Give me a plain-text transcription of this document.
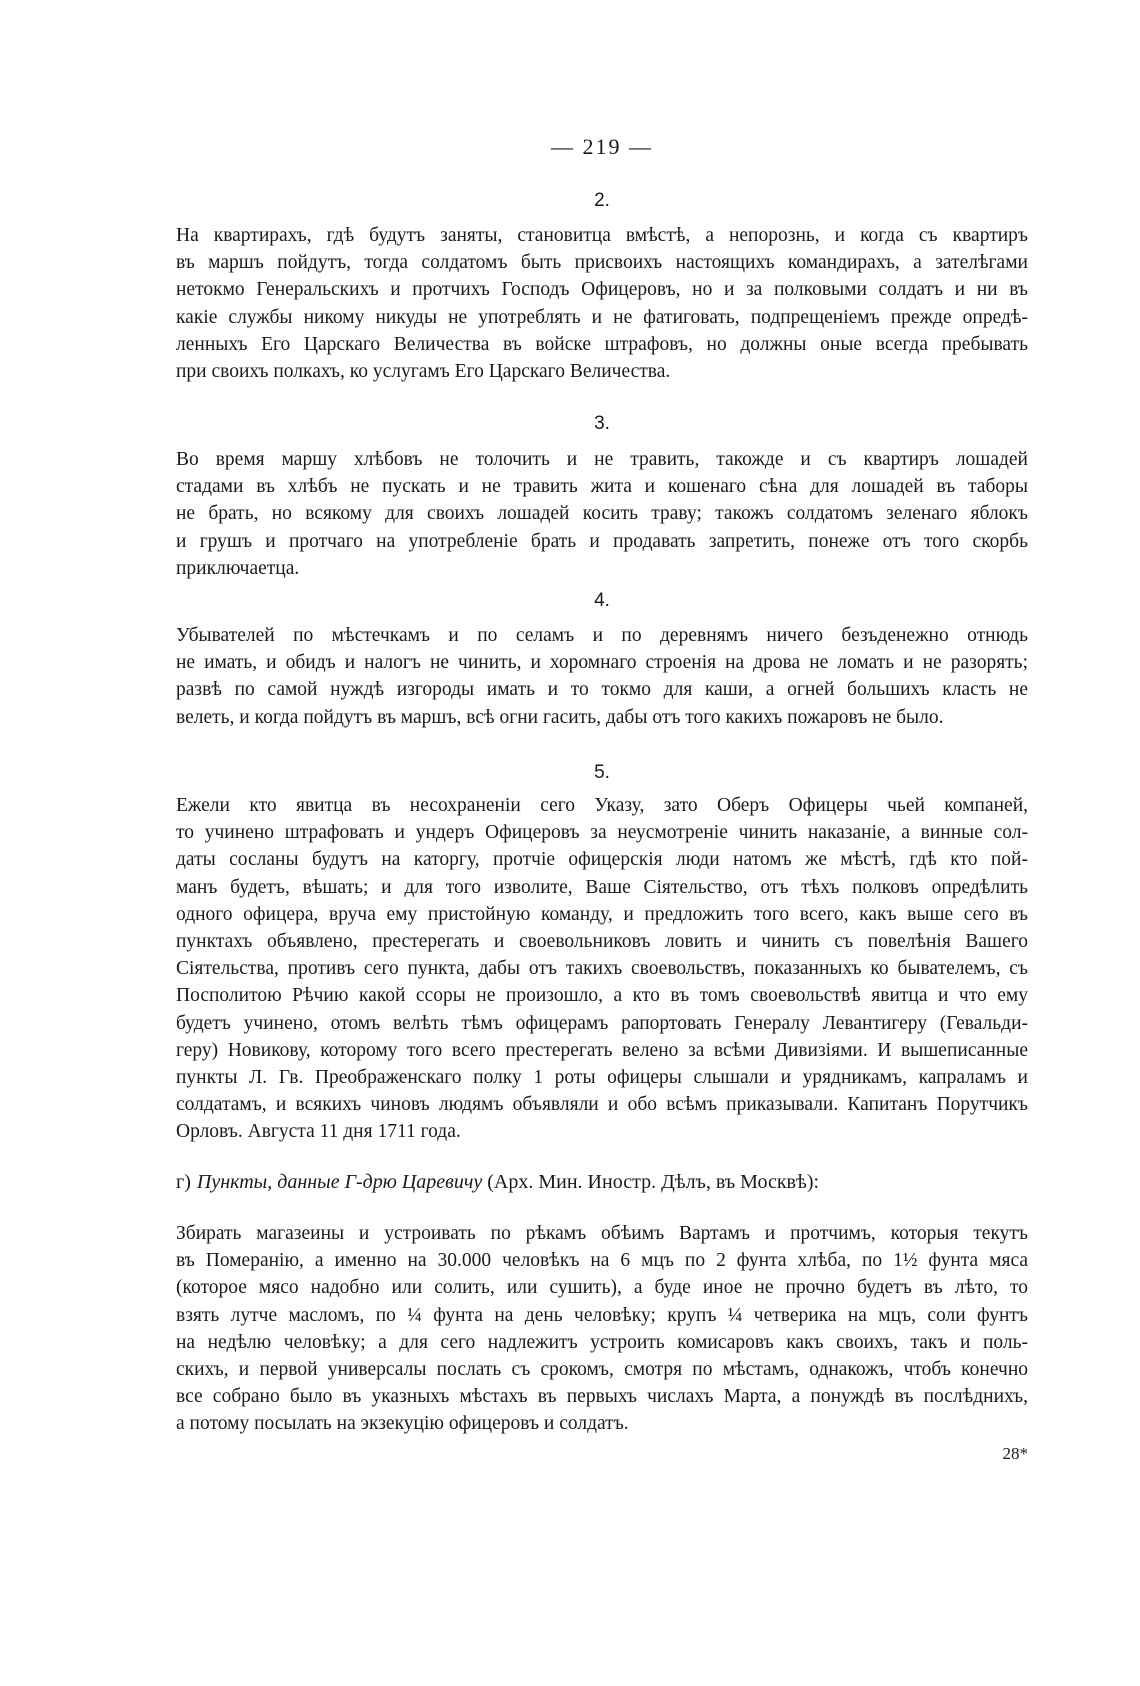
— 219 —

2.

На квартирахъ, гдѣ будутъ заняты, становитца вмѣстѣ, а непорознь, и когда съ квартиръ
въ маршъ пойдутъ, тогда солдатомъ быть присвоихъ настоящихъ командирахъ, а зателѣгами
нетокмо Генеральскихъ и протчихъ Господъ Офицеровъ, но и за полковыми солдатъ и ни въ
какіе службы никому никуды не употреблять и не фатиговать, подпрещеніемъ прежде опредѣ-
ленныхъ Его Царскаго Величества въ войске штрафовъ, но должны оные всегда пребывать
при своихъ полкахъ, ко услугамъ Его Царскаго Величества.

3.

Во время маршу хлѣбовъ не толочить и не травить, такожде и съ квартиръ лошадей
стадами въ хлѣбъ не пускать и не травить жита и кошенаго сѣна для лошадей въ таборы
не брать, но всякому для своихъ лошадей косить траву; такожъ солдатомъ зеленаго яблокъ
и грушъ и протчаго на употребленіе брать и продавать запретить, понеже отъ того скорбь
приключаетца.

4.

Убывателей по мѣстечкамъ и по селамъ и по деревнямъ ничего безъденежно отнюдь
не имать, и обидъ и налогъ не чинить, и хоромнаго строенія на дрова не ломать и не разорять;
развѣ по самой нуждѣ изгороды имать и то токмо для каши, а огней большихъ класть не
велеть, и когда пойдутъ въ маршъ, всѣ огни гасить, дабы отъ того какихъ пожаровъ не было.

5.

Ежели кто явитца въ несохраненіи сего Указу, зато Оберъ Офицеры чьей компаней,
то учинено штрафовать и ундеръ Офицеровъ за неусмотреніе чинить наказаніе, а винные сол-
даты сосланы будутъ на каторгу, протчіе офицерскія люди натомъ же мѣстѣ, гдѣ кто пой-
манъ будетъ, вѣшать; и для того изволите, Ваше Сіятельство, отъ тѣхъ полковъ опредѣлить
одного офицера, вруча ему пристойную команду, и предложить того всего, какъ выше сего въ
пунктахъ объявлено, престерегать и своевольниковъ ловить и чинить съ повелѣнія Вашего
Сіятельства, противъ сего пункта, дабы отъ такихъ своевольствъ, показанныхъ ко бывателемъ, съ
Посполитою Рѣчию какой ссоры не произошло, а кто въ томъ своевольствѣ явитца и что ему
будетъ учинено, отомъ велѣть тѣмъ офицерамъ рапортовать Генералу Левантигеру (Гевальди-
геру) Новикову, которому того всего престерегать велено за всѣми Дивизіями. И вышеписанные
пункты Л. Гв. Преображенскаго полку 1 роты офицеры слышали и урядникамъ, капраламъ и
солдатамъ, и всякихъ чиновъ людямъ объявляли и обо всѣмъ приказывали. Капитанъ Порутчикъ
Орловъ. Августа 11 дня 1711 года.

г) Пункты, данные Г-дрю Царевичу (Арх. Мин. Иностр. Дѣлъ, въ Москвѣ):

Збирать магазеины и устроивать по рѣкамъ обѣимъ Вартамъ и протчимъ, которыя текутъ
въ Померанію, а именно на 30.000 человѣкъ на 6 мцъ по 2 фунта хлѣба, по 1½ фунта мяса
(которое мясо надобно или солить, или сушить), а буде иное не прочно будетъ въ лѣто, то
взять лутче масломъ, по ¼ фунта на день человѣку; крупъ ¼ четверика на мцъ, соли фунтъ
на недѣлю человѣку; а для сего надлежитъ устроить комисаровъ какъ своихъ, такъ и поль-
скихъ, и первой универсалы послать съ срокомъ, смотря по мѣстамъ, однакожъ, чтобъ конечно
все собрано было въ указныхъ мѣстахъ въ первыхъ числахъ Марта, а понуждѣ въ послѣднихъ,
а потому посылать на экзекуцію офицеровъ и солдатъ.
28*
